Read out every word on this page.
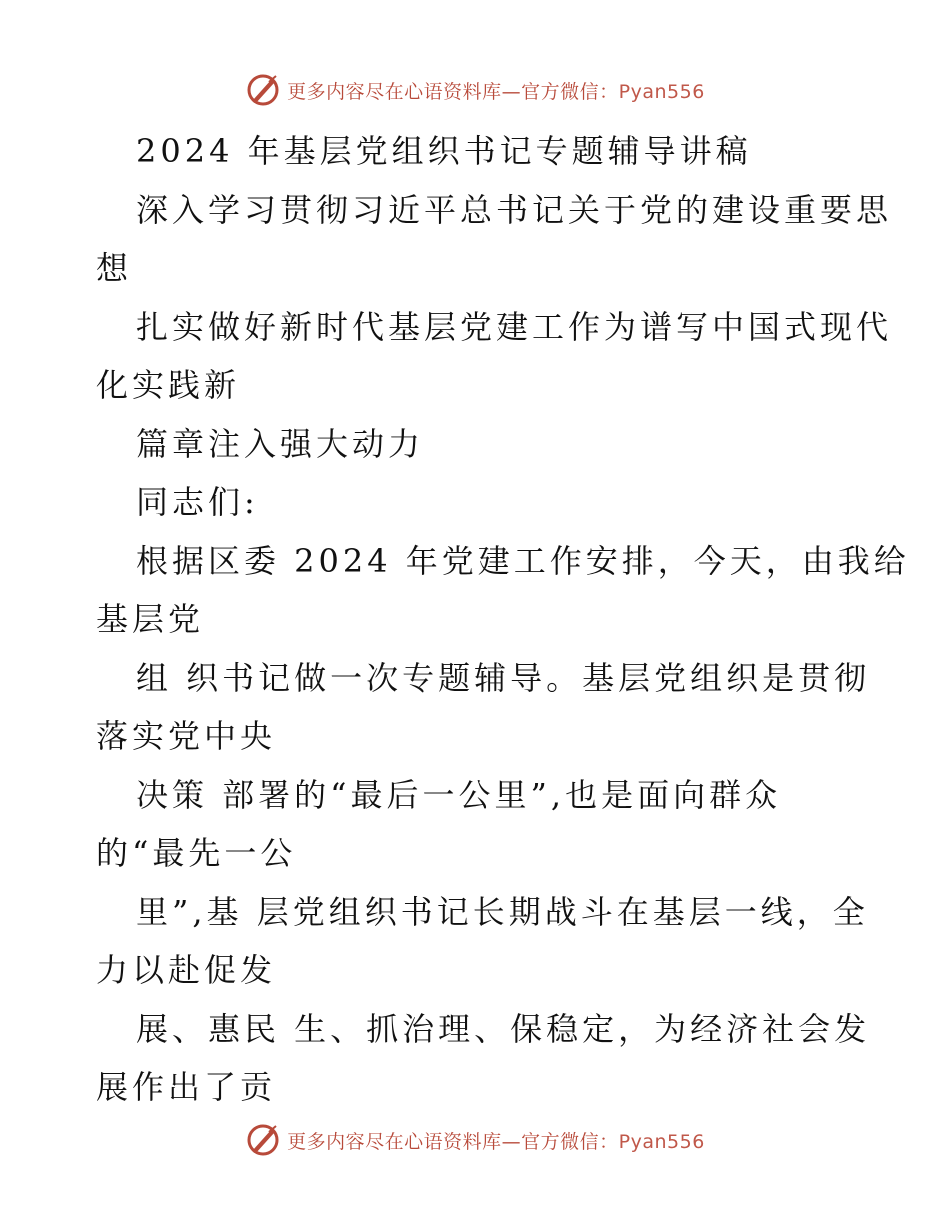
更多内容尽在心语资料库—官方微信：Pyan556
2024 年基层党组织书记专题辅导讲稿
深入学习贯彻习近平总书记关于党的建设重要思
想
扎实做好新时代基层党建工作为谱写中国式现代
化实践新
篇章注入强大动力
同志们:
根据区委 2024 年党建工作安排，今天，由我给
基层党
组 织书记做一次专题辅导。基层党组织是贯彻
落实党中央
决策 部署的“最后一公里”,也是面向群众
的“最先一公
里”,基 层党组织书记长期战斗在基层一线，全
力以赴促发
展、惠民 生、抓治理、保稳定，为经济社会发
展作出了贡
更多内容尽在心语资料库—官方微信：Pyan556
